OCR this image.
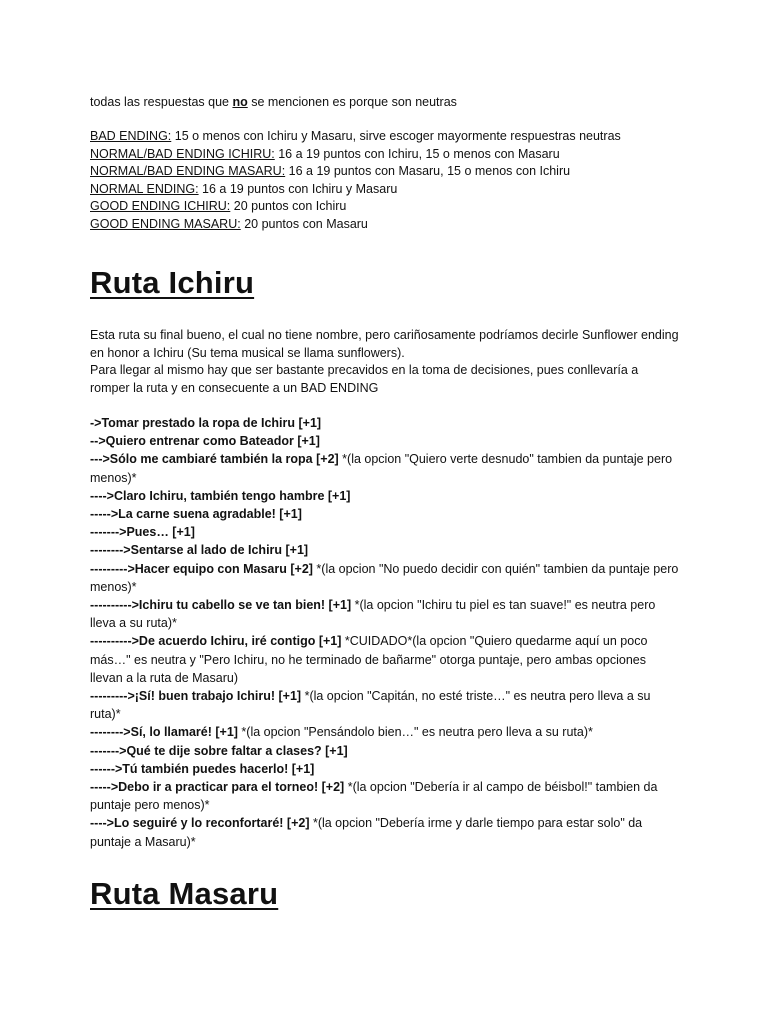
todas las respuestas que no se mencionen es porque son neutras
BAD ENDING: 15 o menos con Ichiru y Masaru, sirve escoger mayormente respuestras neutras
NORMAL/BAD ENDING ICHIRU: 16 a 19 puntos con Ichiru, 15 o menos con Masaru
NORMAL/BAD ENDING MASARU: 16 a 19 puntos con Masaru, 15 o menos con Ichiru
NORMAL ENDING: 16 a 19 puntos con Ichiru y Masaru
GOOD ENDING ICHIRU: 20 puntos con Ichiru
GOOD ENDING MASARU: 20 puntos con Masaru
Ruta Ichiru
Esta ruta su final bueno, el cual no tiene nombre, pero cariñosamente podríamos decirle Sunflower ending en honor a Ichiru (Su tema musical se llama sunflowers).
Para llegar al mismo hay que ser bastante precavidos en la toma de decisiones, pues conllevaría a romper la ruta y en consecuente a un BAD ENDING
->Tomar prestado la ropa de Ichiru [+1]
-->Quiero entrenar como Bateador [+1]
--->Sólo me cambiaré también la ropa [+2] *(la opcion "Quiero verte desnudo" tambien da puntaje pero menos)*
---->Claro Ichiru, también tengo hambre [+1]
----->La carne suena agradable! [+1]
------->Pues… [+1]
-------->Sentarse al lado de Ichiru [+1]
--------->Hacer equipo con Masaru [+2] *(la opcion "No puedo decidir con quién" tambien da puntaje pero menos)*
---------->Ichiru tu cabello se ve tan bien! [+1] *(la opcion "Ichiru tu piel es tan suave!" es neutra pero lleva a su ruta)*
---------->De acuerdo Ichiru, iré contigo [+1] *CUIDADO*(la opcion "Quiero quedarme aquí un poco más…" es neutra y "Pero Ichiru, no he terminado de bañarme" otorga puntaje, pero ambas opciones llevan a la ruta de Masaru)
--------->¡Sí! buen trabajo Ichiru! [+1] *(la opcion "Capitán, no esté triste…" es neutra pero lleva a su ruta)*
-------->Sí, lo llamaré! [+1] *(la opcion "Pensándolo bien…" es neutra pero lleva a su ruta)*
------->Qué te dije sobre faltar a clases? [+1]
------>Tú también puedes hacerlo! [+1]
----->Debo ir a practicar para el torneo! [+2] *(la opcion "Debería ir al campo de béisbol!" tambien da puntaje pero menos)*
---->Lo seguiré y lo reconfortaré! [+2] *(la opcion "Debería irme y darle tiempo para estar solo" da puntaje a Masaru)*
Ruta Masaru
